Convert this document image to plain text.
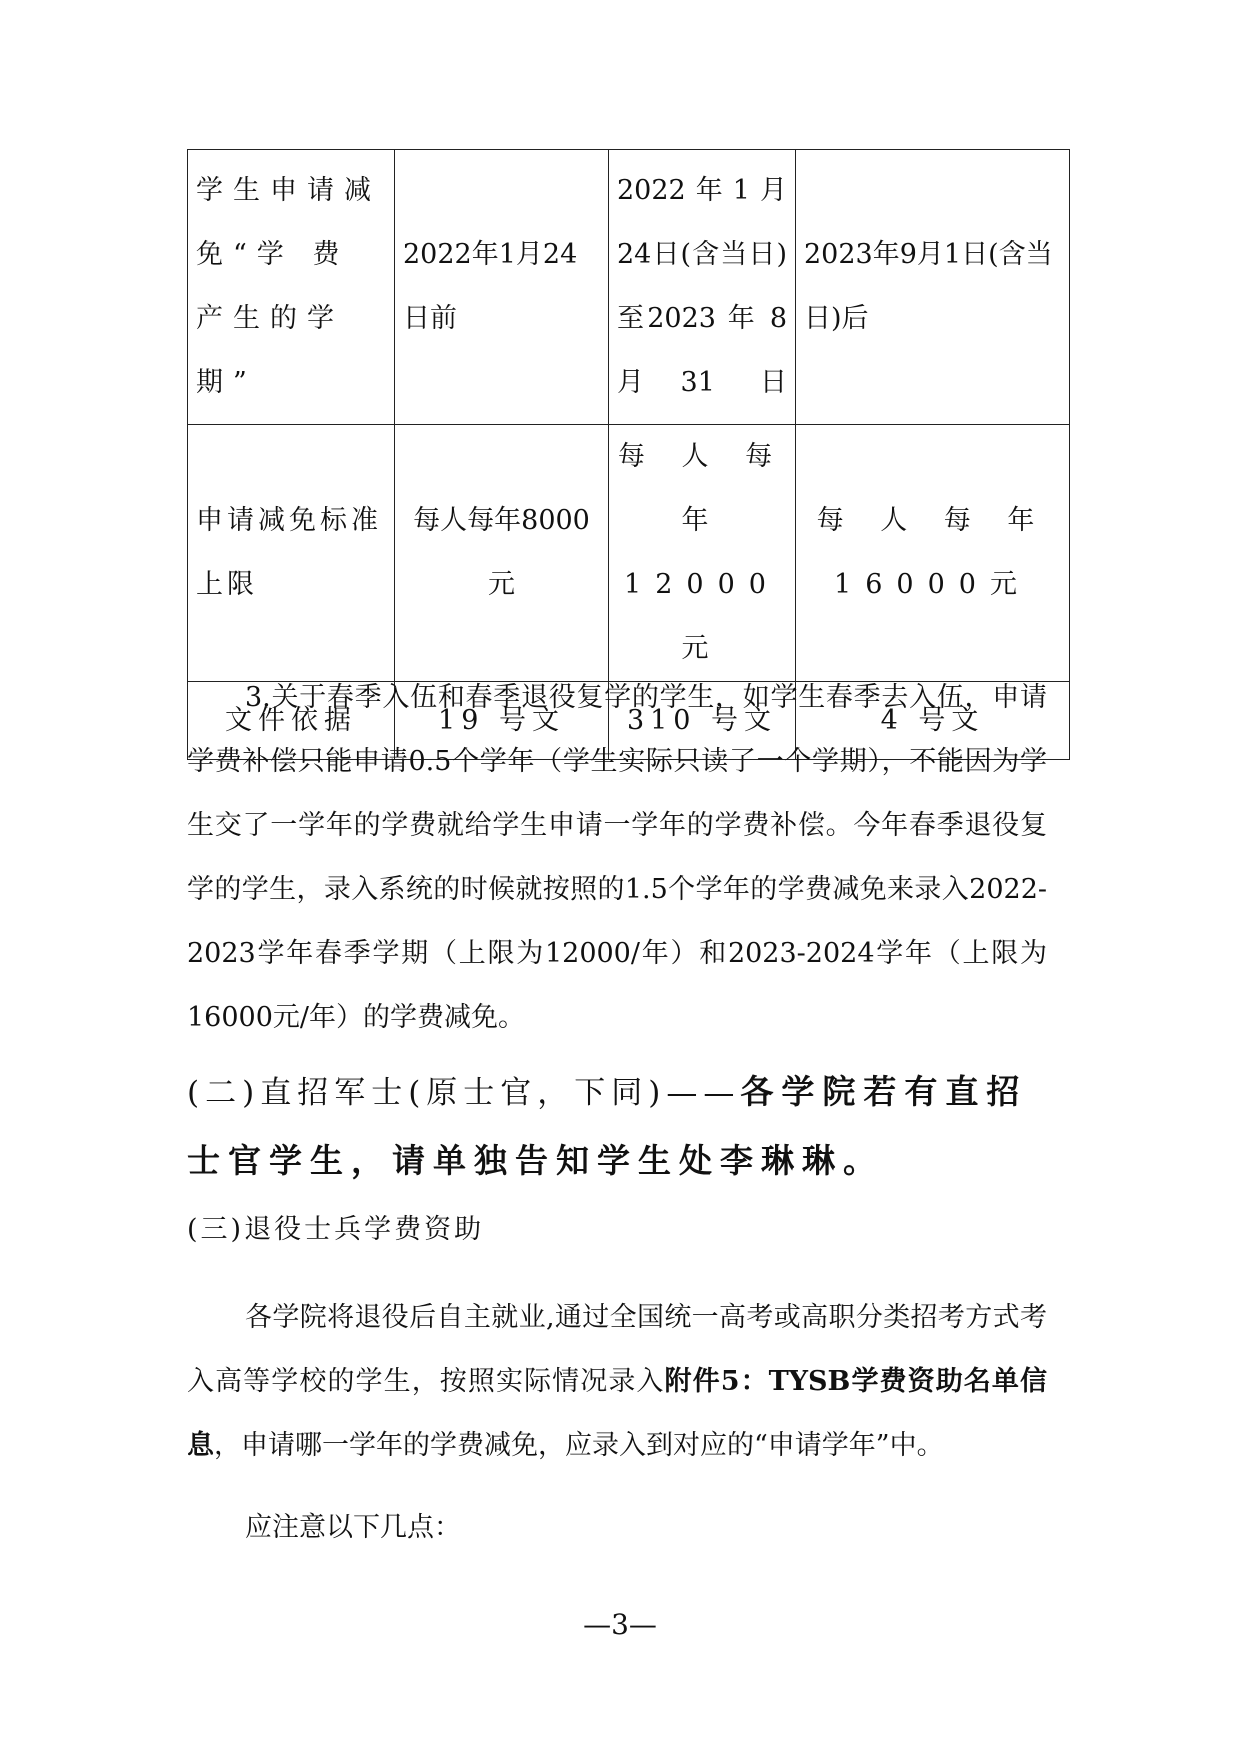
学生申请减免“学 费产生的学期”	2022年1月24日前	2022年1月24日(含当日)至2023 年 8 月31 日	2023年9月1日(含当日)后
申请减免标准上限	每人每年8000元	每 人 每 年12000 元	每 人 每 年16000元
文件依据	19 号文	310 号文	4 号文

3.关于春季入伍和春季退役复学的学生，如学生春季去入伍，申请学费补偿只能申请0.5个学年（学生实际只读了一个学期），不能因为学生交了一学年的学费就给学生申请一学年的学费补偿。今年春季退役复学的学生，录入系统的时候就按照的1.5个学年的学费减免来录入2022-2023学年春季学期（上限为12000/年）和2023-2024学年（上限为16000元/年）的学费减免。

(二)直招军士(原士官，下同)——各学院若有直招士官学生，请单独告知学生处李琳琳。

(三)退役士兵学费资助

各学院将退役后自主就业,通过全国统一高考或高职分类招考方式考入高等学校的学生，按照实际情况录入附件5：TYSB学费资助名单信息，申请哪一学年的学费减免，应录入到对应的“申请学年”中。

应注意以下几点：

—3—
